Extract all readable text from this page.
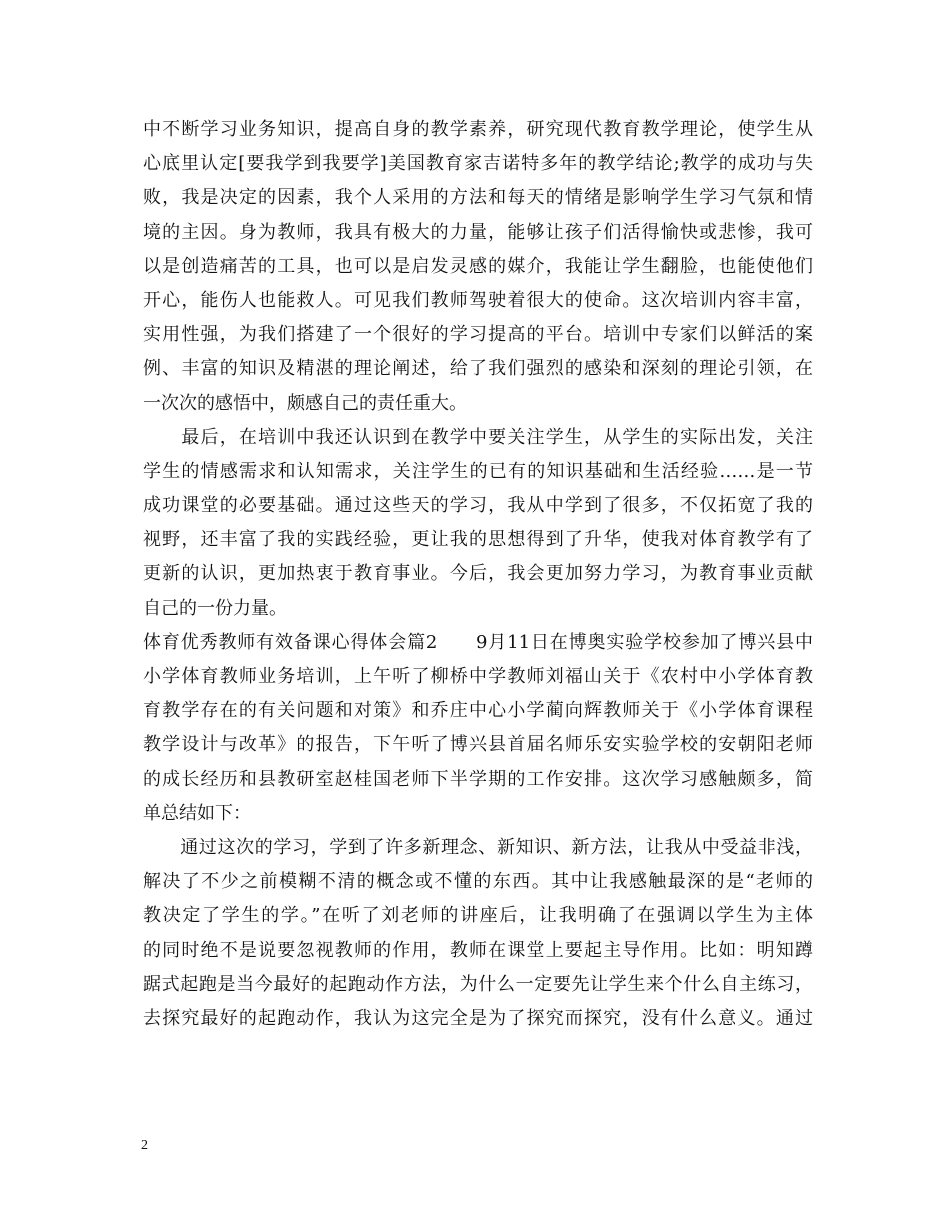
中不断学习业务知识，提高自身的教学素养，研究现代教育教学理论，使学生从
心底里认定[要我学到我要学]美国教育家吉诺特多年的教学结论;教学的成功与失
败，我是决定的因素，我个人采用的方法和每天的情绪是影响学生学习气氛和情
境的主因。身为教师，我具有极大的力量，能够让孩子们活得愉快或悲惨，我可
以是创造痛苦的工具，也可以是启发灵感的媒介，我能让学生翻脸，也能使他们
开心，能伤人也能救人。可见我们教师驾驶着很大的使命。这次培训内容丰富，
实用性强，为我们搭建了一个很好的学习提高的平台。培训中专家们以鲜活的案
例、丰富的知识及精湛的理论阐述，给了我们强烈的感染和深刻的理论引领，在
一次次的感悟中，颇感自己的责任重大。
　　最后，在培训中我还认识到在教学中要关注学生，从学生的实际出发，关注
学生的情感需求和认知需求，关注学生的已有的知识基础和生活经验……是一节
成功课堂的必要基础。通过这些天的学习，我从中学到了很多，不仅拓宽了我的
视野，还丰富了我的实践经验，更让我的思想得到了升华，使我对体育教学有了
更新的认识，更加热衷于教育事业。今后，我会更加努力学习，为教育事业贡献
自己的一份力量。
体育优秀教师有效备课心得体会篇2　　9月11日在博奥实验学校参加了博兴县中
小学体育教师业务培训，上午听了柳桥中学教师刘福山关于《农村中小学体育教
育教学存在的有关问题和对策》和乔庄中心小学蔺向辉教师关于《小学体育课程
教学设计与改革》的报告，下午听了博兴县首届名师乐安实验学校的安朝阳老师
的成长经历和县教研室赵桂国老师下半学期的工作安排。这次学习感触颇多，简
单总结如下：
　　通过这次的学习，学到了许多新理念、新知识、新方法，让我从中受益非浅，
解决了不少之前模糊不清的概念或不懂的东西。其中让我感触最深的是“老师的
教决定了学生的学。”在听了刘老师的讲座后，让我明确了在强调以学生为主体
的同时绝不是说要忽视教师的作用，教师在课堂上要起主导作用。比如：明知蹲
踞式起跑是当今最好的起跑动作方法，为什么一定要先让学生来个什么自主练习，
去探究最好的起跑动作，我认为这完全是为了探究而探究，没有什么意义。通过
2
